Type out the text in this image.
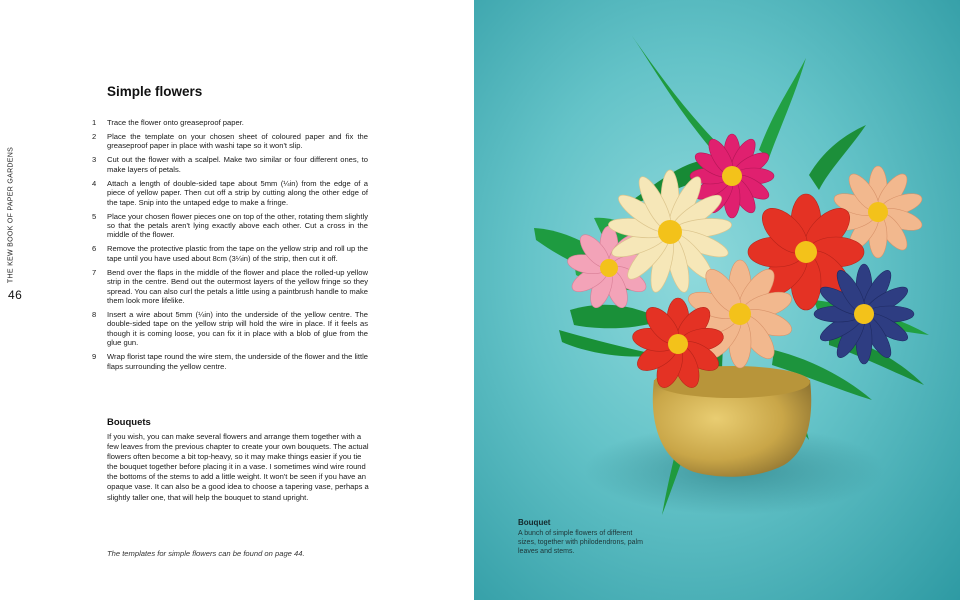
THE KEW BOOK OF PAPER GARDENS
46
Simple flowers
1	Trace the flower onto greaseproof paper.
2	Place the template on your chosen sheet of coloured paper and fix the greaseproof paper in place with washi tape so it won't slip.
3	Cut out the flower with a scalpel. Make two similar or four different ones, to make layers of petals.
4	Attach a length of double-sided tape about 5mm (¼in) from the edge of a piece of yellow paper. Then cut off a strip by cutting along the other edge of the tape. Snip into the untaped edge to make a fringe.
5	Place your chosen flower pieces one on top of the other, rotating them slightly so that the petals aren't lying exactly above each other. Cut a cross in the middle of the flower.
6	Remove the protective plastic from the tape on the yellow strip and roll up the tape until you have used about 8cm (3¼in) of the strip, then cut it off.
7	Bend over the flaps in the middle of the flower and place the rolled-up yellow strip in the centre. Bend out the outermost layers of the yellow fringe so they spread. You can also curl the petals a little using a paintbrush handle to make them look more lifelike.
8	Insert a wire about 5mm (¼in) into the underside of the yellow centre. The double-sided tape on the yellow strip will hold the wire in place. If it feels as though it is coming loose, you can fix it in place with a blob of glue from the glue gun.
9	Wrap florist tape round the wire stem, the underside of the flower and the little flaps surrounding the yellow centre.
Bouquets

If you wish, you can make several flowers and arrange them together with a few leaves from the previous chapter to create your own bouquets. The actual flowers often become a bit top-heavy, so it may make things easier if you tie the bouquet together before placing it in a vase. I sometimes wind wire round the bottoms of the stems to add a little weight. It won't be seen if you have an opaque vase. It can also be a good idea to choose a tapering vase, perhaps a slightly taller one, that will help the bouquet to stand upright.

The templates for simple flowers can be found on page 44.
Bouquet

A bunch of simple flowers of different sizes, together with philodendrons, palm leaves and stems.
